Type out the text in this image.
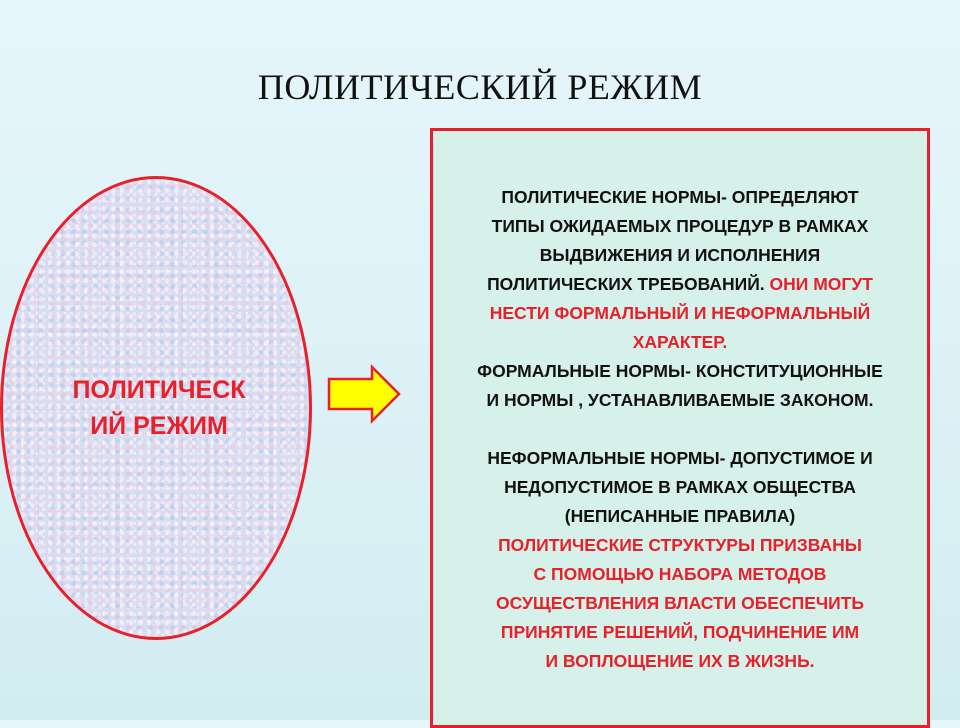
ПОЛИТИЧЕСКИЙ РЕЖИМ
ПОЛИТИЧЕСК
ИЙ РЕЖИМ

ПОЛИТИЧЕСКИЕ НОРМЫ- ОПРЕДЕЛЯЮТ

ТИПЫ ОЖИДАЕМЫХ ПРОЦЕДУР В РАМКАХ

ВЫДВИЖЕНИЯ И ИСПОЛНЕНИЯ

ПОЛИТИЧЕСКИХ ТРЕБОВАНИЙ. ОНИ МОГУТ

НЕСТИ ФОРМАЛЬНЫЙ И НЕФОРМАЛЬНЫЙ

ХАРАКТЕР.

ФОРМАЛЬНЫЕ НОРМЫ- КОНСТИТУЦИОННЫЕ

И НОРМЫ , УСТАНАВЛИВАЕМЫЕ ЗАКОНОМ.

НЕФОРМАЛЬНЫЕ НОРМЫ- ДОПУСТИМОЕ И

НЕДОПУСТИМОЕ В РАМКАХ ОБЩЕСТВА

(НЕПИСАННЫЕ ПРАВИЛА)

ПОЛИТИЧЕСКИЕ СТРУКТУРЫ ПРИЗВАНЫ

С ПОМОЩЬЮ НАБОРА МЕТОДОВ

ОСУЩЕСТВЛЕНИЯ ВЛАСТИ ОБЕСПЕЧИТЬ

ПРИНЯТИЕ РЕШЕНИЙ, ПОДЧИНЕНИЕ ИМ

И ВОПЛОЩЕНИЕ ИХ В ЖИЗНЬ.
